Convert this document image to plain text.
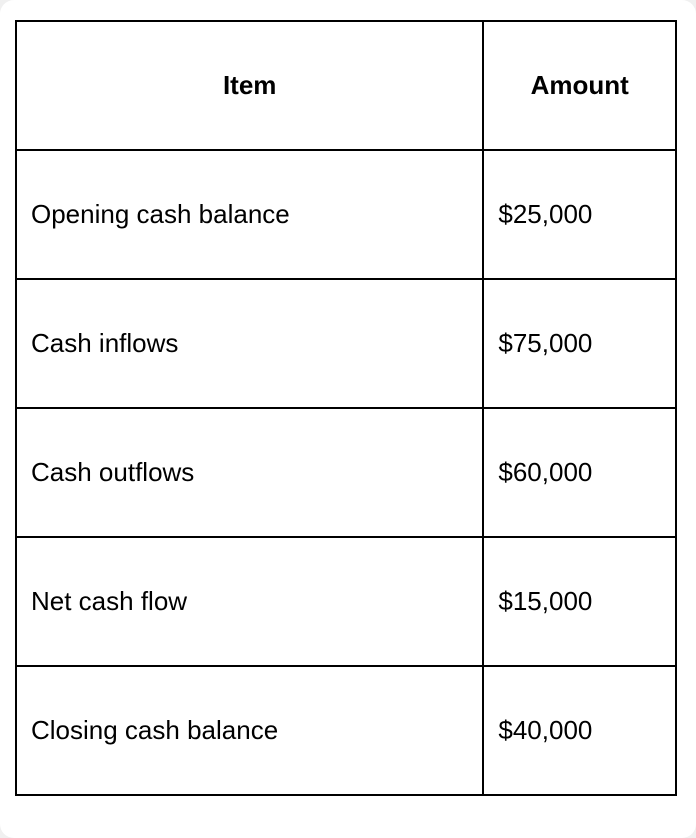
Item	Amount
Opening cash balance	$25,000
Cash inflows	$75,000
Cash outflows	$60,000
Net cash flow	$15,000
Closing cash balance	$40,000
